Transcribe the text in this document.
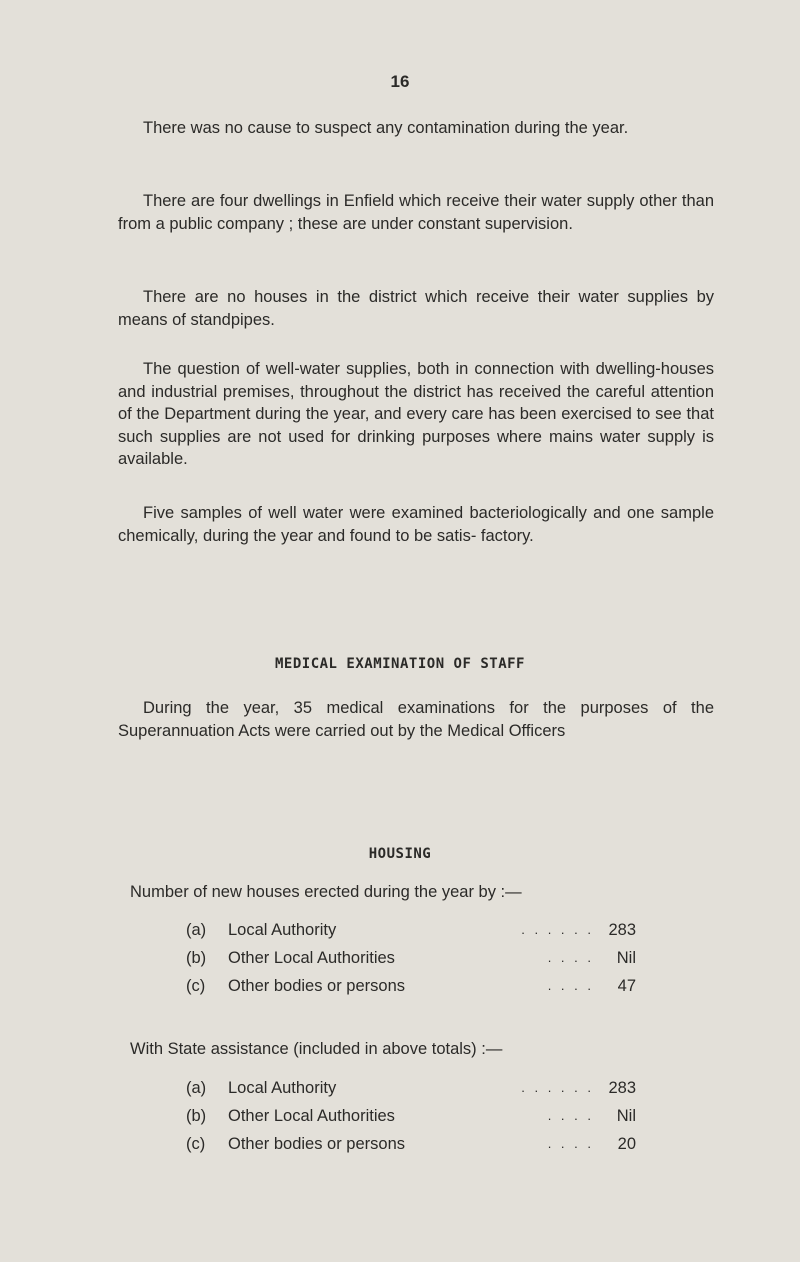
16

There was no cause to suspect any contamination during the year.

There are four dwellings in Enfield which receive their water supply other than from a public company ; these are under constant supervision.

There are no houses in the district which receive their water supplies by means of standpipes.

The question of well-water supplies, both in connection with dwelling-houses and industrial premises, throughout the district has received the careful attention of the Department during the year, and every care has been exercised to see that such supplies are not used for drinking purposes where mains water supply is available.

Five samples of well water were examined bacteriologically and one sample chemically, during the year and found to be satis- factory.

MEDICAL EXAMINATION OF STAFF

During the year, 35 medical examinations for the purposes of the Superannuation Acts were carried out by the Medical Officers

HOUSING
Number of new houses erected during the year by :—
(a) Local Authority	. . . . . . 283
(b) Other Local Authorities	. . . . Nil
(c) Other bodies or persons	. . . . 47
With State assistance (included in above totals) :—
(a) Local Authority	. . . . . . 283
(b) Other Local Authorities	. . . . Nil
(c) Other bodies or persons	. . . . 20
